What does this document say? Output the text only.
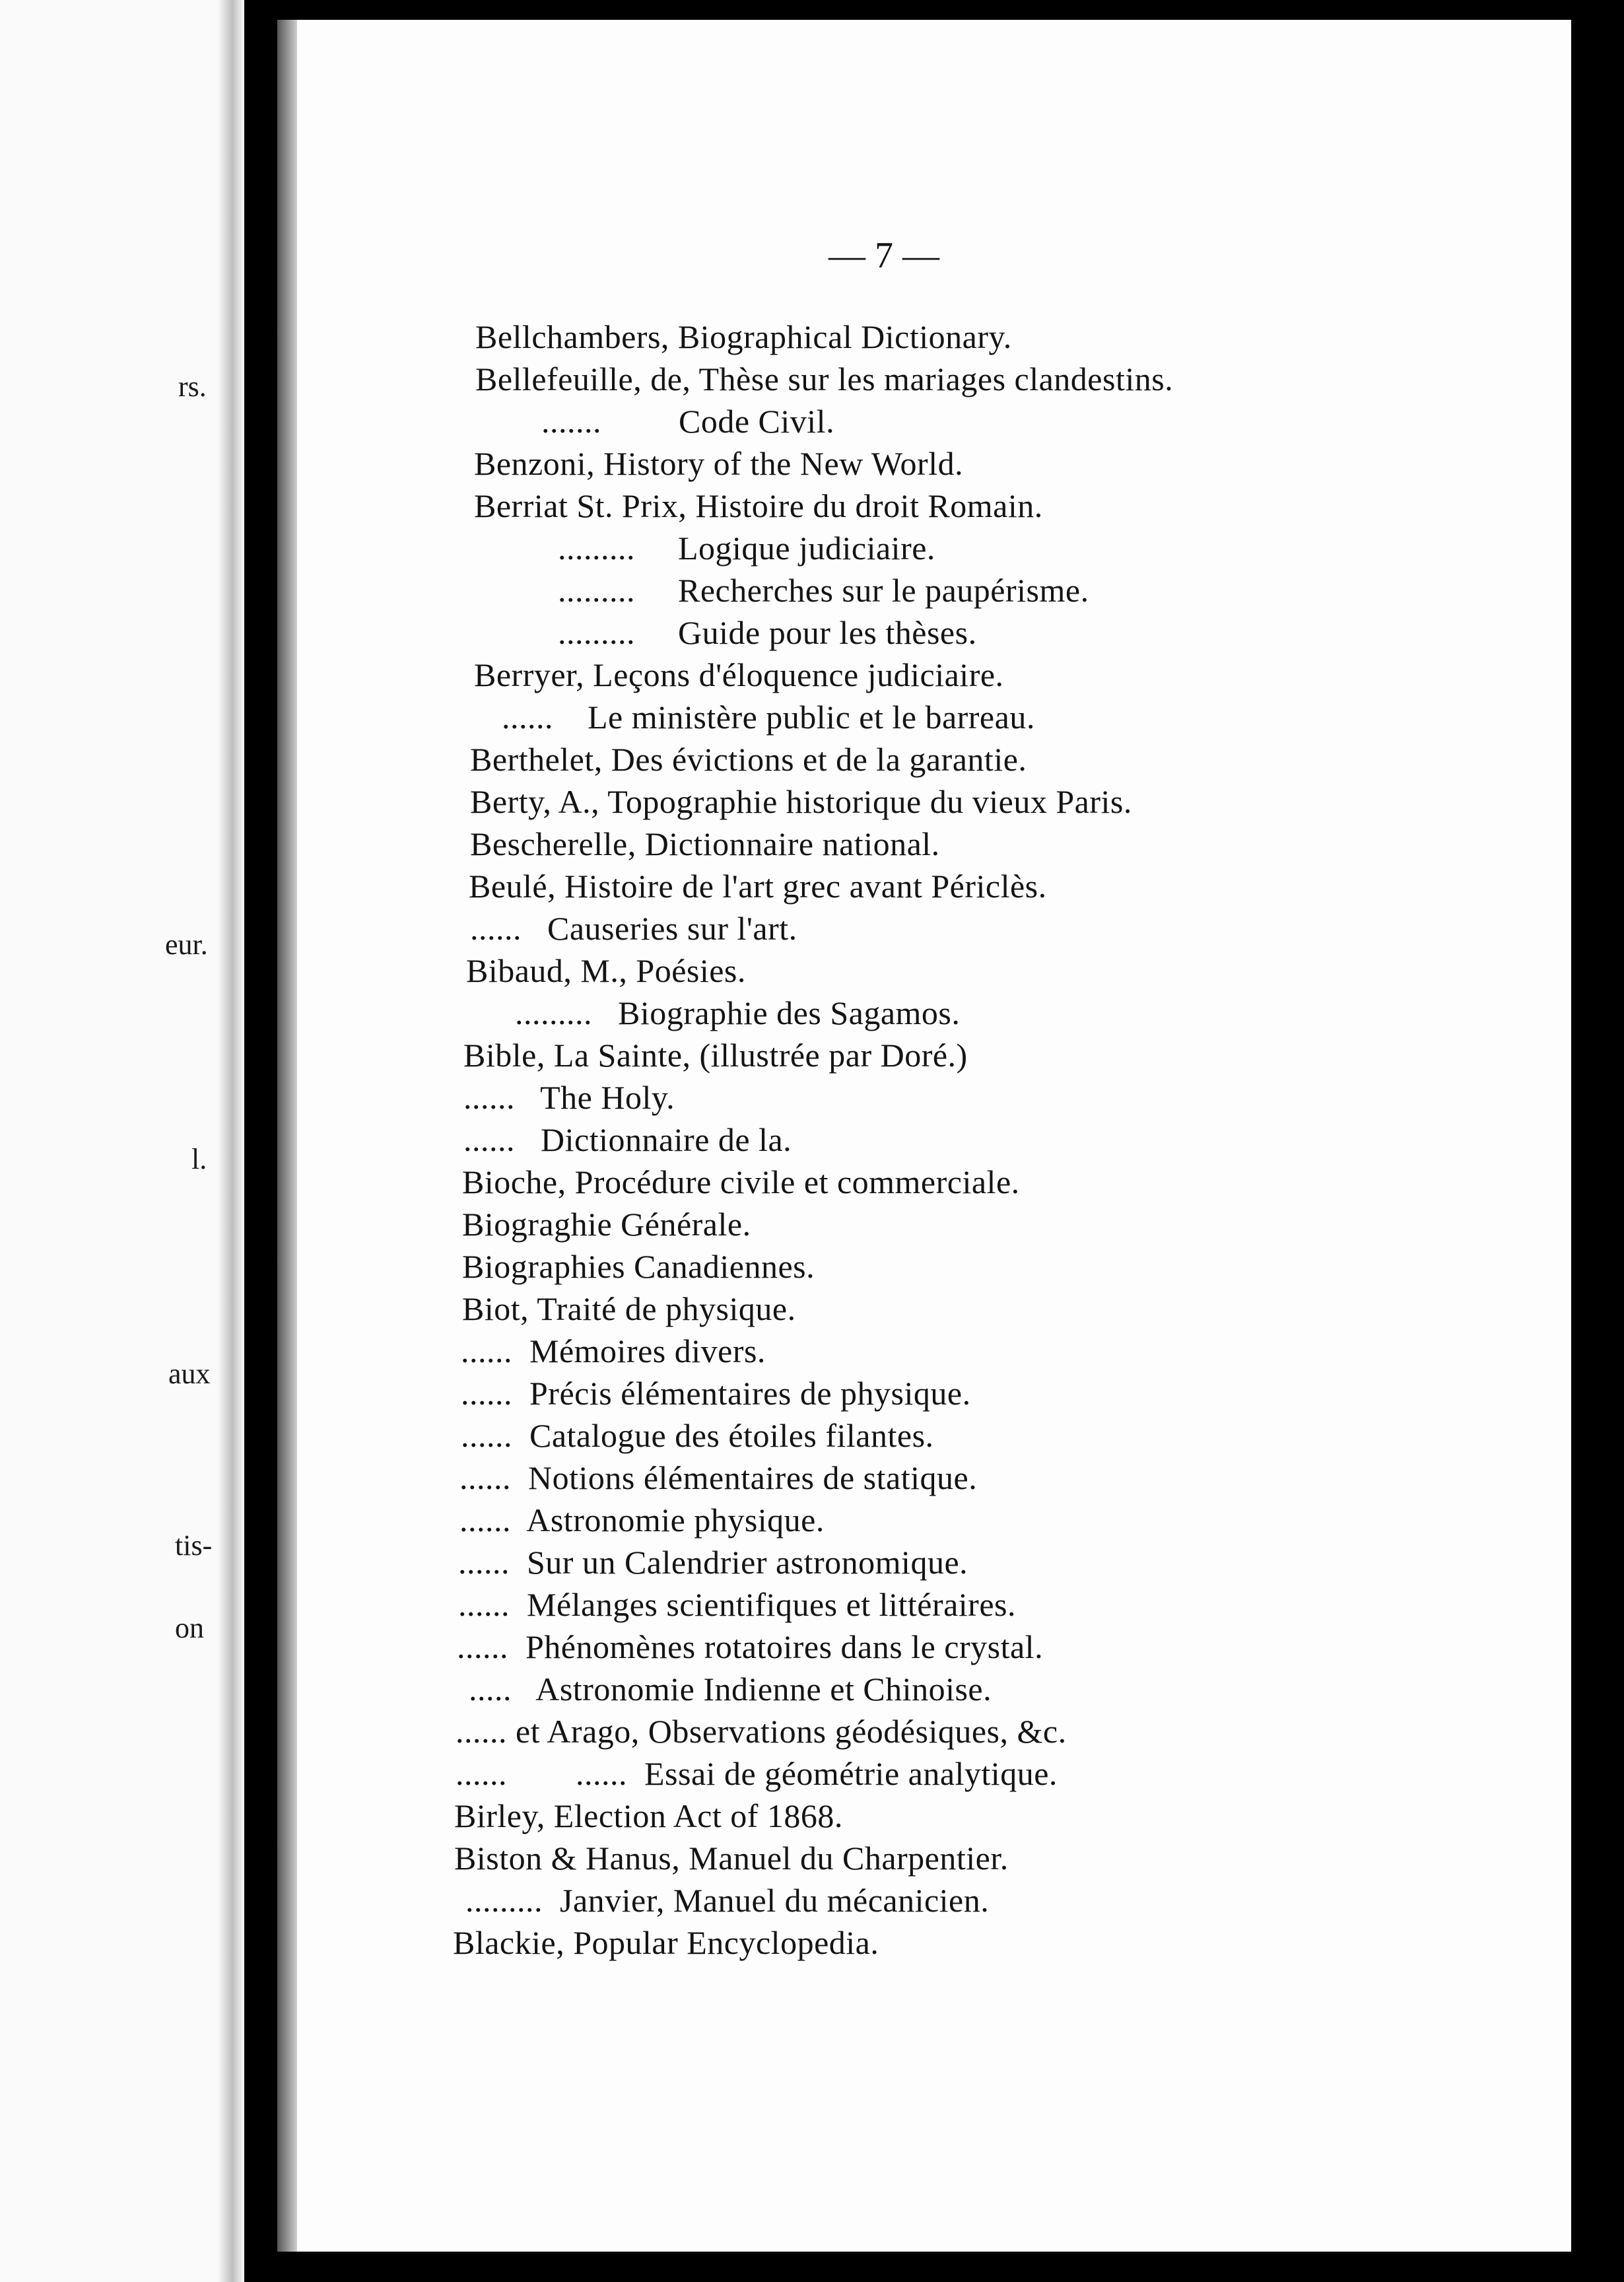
rs.
eur.
l.
aux
tis-
on
— 7 —
Bellchambers, Biographical Dictionary.
Bellefeuille, de, Thèse sur les mariages clandestins.
.......         Code Civil.
Benzoni, History of the New World.
Berriat St. Prix, Histoire du droit Romain.
.........     Logique judiciaire.
.........     Recherches sur le paupérisme.
.........     Guide pour les thèses.
Berryer, Leçons d'éloquence judiciaire.
......    Le ministère public et le barreau.
Berthelet, Des évictions et de la garantie.
Berty, A., Topographie historique du vieux Paris.
Bescherelle, Dictionnaire national.
Beulé, Histoire de l'art grec avant Périclès.
......   Causeries sur l'art.
Bibaud, M., Poésies.
.........   Biographie des Sagamos.
Bible, La Sainte, (illustrée par Doré.)
......   The Holy.
......   Dictionnaire de la.
Bioche, Procédure civile et commerciale.
Biograghie Générale.
Biographies Canadiennes.
Biot, Traité de physique.
......  Mémoires divers.
......  Précis élémentaires de physique.
......  Catalogue des étoiles filantes.
......  Notions élémentaires de statique.
......  Astronomie physique.
......  Sur un Calendrier astronomique.
......  Mélanges scientifiques et littéraires.
......  Phénomènes rotatoires dans le crystal.
.....   Astronomie Indienne et Chinoise.
...... et Arago, Observations géodésiques, &c.
......        ......  Essai de géométrie analytique.
Birley, Election Act of 1868.
Biston & Hanus, Manuel du Charpentier.
.........  Janvier, Manuel du mécanicien.
Blackie, Popular Encyclopedia.
